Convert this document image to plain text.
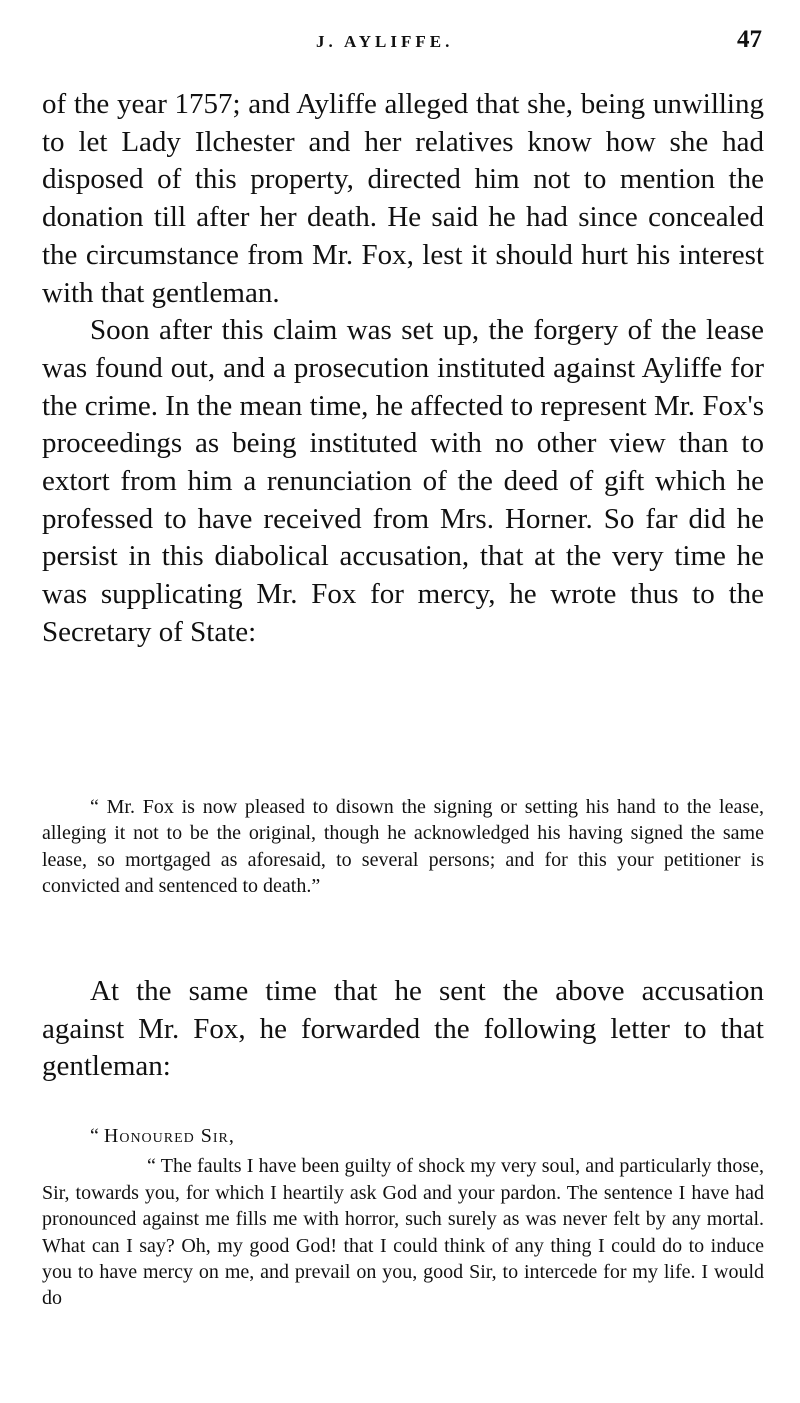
J. AYLIFFE.	47

of the year 1757; and Ayliffe alleged that she, being unwilling to let Lady Ilchester and her relatives know how she had disposed of this property, directed him not to mention the donation till after her death. He said he had since concealed the circumstance from Mr. Fox, lest it should hurt his interest with that gentleman.

Soon after this claim was set up, the forgery of the lease was found out, and a prosecution instituted against Ayliffe for the crime. In the mean time, he affected to represent Mr. Fox's proceedings as being instituted with no other view than to extort from him a renunciation of the deed of gift which he professed to have received from Mrs. Horner. So far did he persist in this diabolical accusation, that at the very time he was supplicating Mr. Fox for mercy, he wrote thus to the Secretary of State:

“ Mr. Fox is now pleased to disown the signing or setting his hand to the lease, alleging it not to be the original, though he acknowledged his having signed the same lease, so mortgaged as aforesaid, to several persons; and for this your petitioner is convicted and sentenced to death.”

At the same time that he sent the above accusation against Mr. Fox, he forwarded the following letter to that gentleman:

“ Honoured Sir,

“ The faults I have been guilty of shock my very soul, and particularly those, Sir, towards you, for which I heartily ask God and your pardon. The sentence I have had pronounced against me fills me with horror, such surely as was never felt by any mortal. What can I say? Oh, my good God! that I could think of any thing I could do to induce you to have mercy on me, and prevail on you, good Sir, to intercede for my life. I would do
